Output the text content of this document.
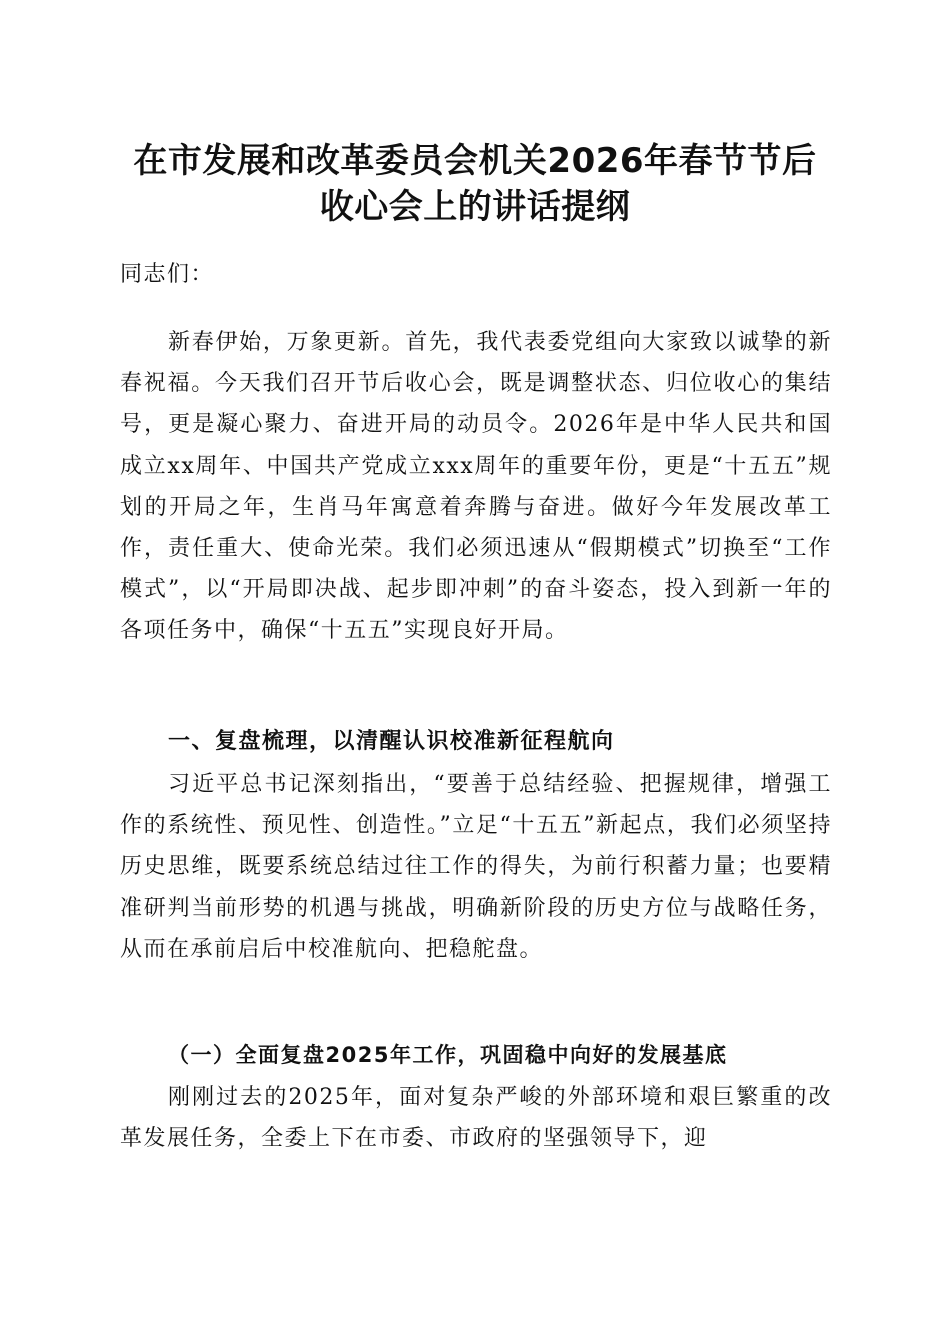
在市发展和改革委员会机关2026年春节节后
收心会上的讲话提纲

同志们：

新春伊始，万象更新。首先，我代表委党组向大家致以诚挚的新春祝福。今天我们召开节后收心会，既是调整状态、归位收心的集结号，更是凝心聚力、奋进开局的动员令。2026年是中华人民共和国成立xx周年、中国共产党成立xxx周年的重要年份，更是“十五五”规划的开局之年，生肖马年寓意着奔腾与奋进。做好今年发展改革工作，责任重大、使命光荣。我们必须迅速从“假期模式”切换至“工作模式”，以“开局即决战、起步即冲刺”的奋斗姿态，投入到新一年的各项任务中，确保“十五五”实现良好开局。

一、复盘梳理，以清醒认识校准新征程航向

习近平总书记深刻指出，“要善于总结经验、把握规律，增强工作的系统性、预见性、创造性。”立足“十五五”新起点，我们必须坚持历史思维，既要系统总结过往工作的得失，为前行积蓄力量；也要精准研判当前形势的机遇与挑战，明确新阶段的历史方位与战略任务，从而在承前启后中校准航向、把稳舵盘。

（一）全面复盘2025年工作，巩固稳中向好的发展基底

刚刚过去的2025年，面对复杂严峻的外部环境和艰巨繁重的改革发展任务，全委上下在市委、市政府的坚强领导下，迎
